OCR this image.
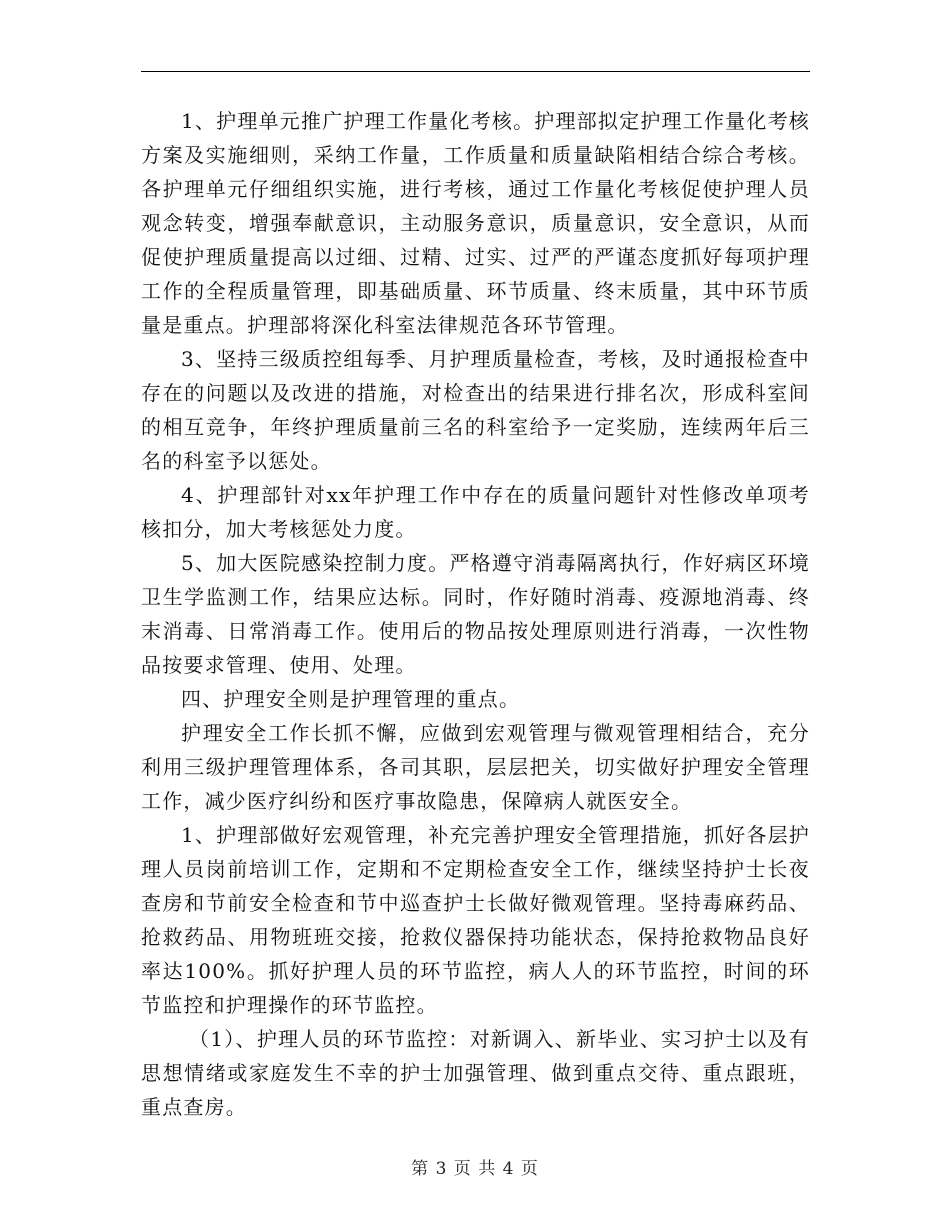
1、护理单元推广护理工作量化考核。护理部拟定护理工作量化考核方案及实施细则，采纳工作量，工作质量和质量缺陷相结合综合考核。各护理单元仔细组织实施，进行考核，通过工作量化考核促使护理人员观念转变，增强奉献意识，主动服务意识，质量意识，安全意识，从而促使护理质量提高以过细、过精、过实、过严的严谨态度抓好每项护理工作的全程质量管理，即基础质量、环节质量、终末质量，其中环节质量是重点。护理部将深化科室法律规范各环节管理。

3、坚持三级质控组每季、月护理质量检查，考核，及时通报检查中存在的问题以及改进的措施，对检查出的结果进行排名次，形成科室间的相互竞争，年终护理质量前三名的科室给予一定奖励，连续两年后三名的科室予以惩处。

4、护理部针对xx年护理工作中存在的质量问题针对性修改单项考核扣分，加大考核惩处力度。

5、加大医院感染控制力度。严格遵守消毒隔离执行，作好病区环境卫生学监测工作，结果应达标。同时，作好随时消毒、疫源地消毒、终末消毒、日常消毒工作。使用后的物品按处理原则进行消毒，一次性物品按要求管理、使用、处理。

四、护理安全则是护理管理的重点。

护理安全工作长抓不懈，应做到宏观管理与微观管理相结合，充分利用三级护理管理体系，各司其职，层层把关，切实做好护理安全管理工作，减少医疗纠纷和医疗事故隐患，保障病人就医安全。

1、护理部做好宏观管理，补充完善护理安全管理措施，抓好各层护理人员岗前培训工作，定期和不定期检查安全工作，继续坚持护士长夜查房和节前安全检查和节中巡查护士长做好微观管理。坚持毒麻药品、抢救药品、用物班班交接，抢救仪器保持功能状态，保持抢救物品良好率达100%。抓好护理人员的环节监控，病人人的环节监控，时间的环节监控和护理操作的环节监控。

（1）、护理人员的环节监控：对新调入、新毕业、实习护士以及有思想情绪或家庭发生不幸的护士加强管理、做到重点交待、重点跟班，重点查房。

第 3 页 共 4 页
